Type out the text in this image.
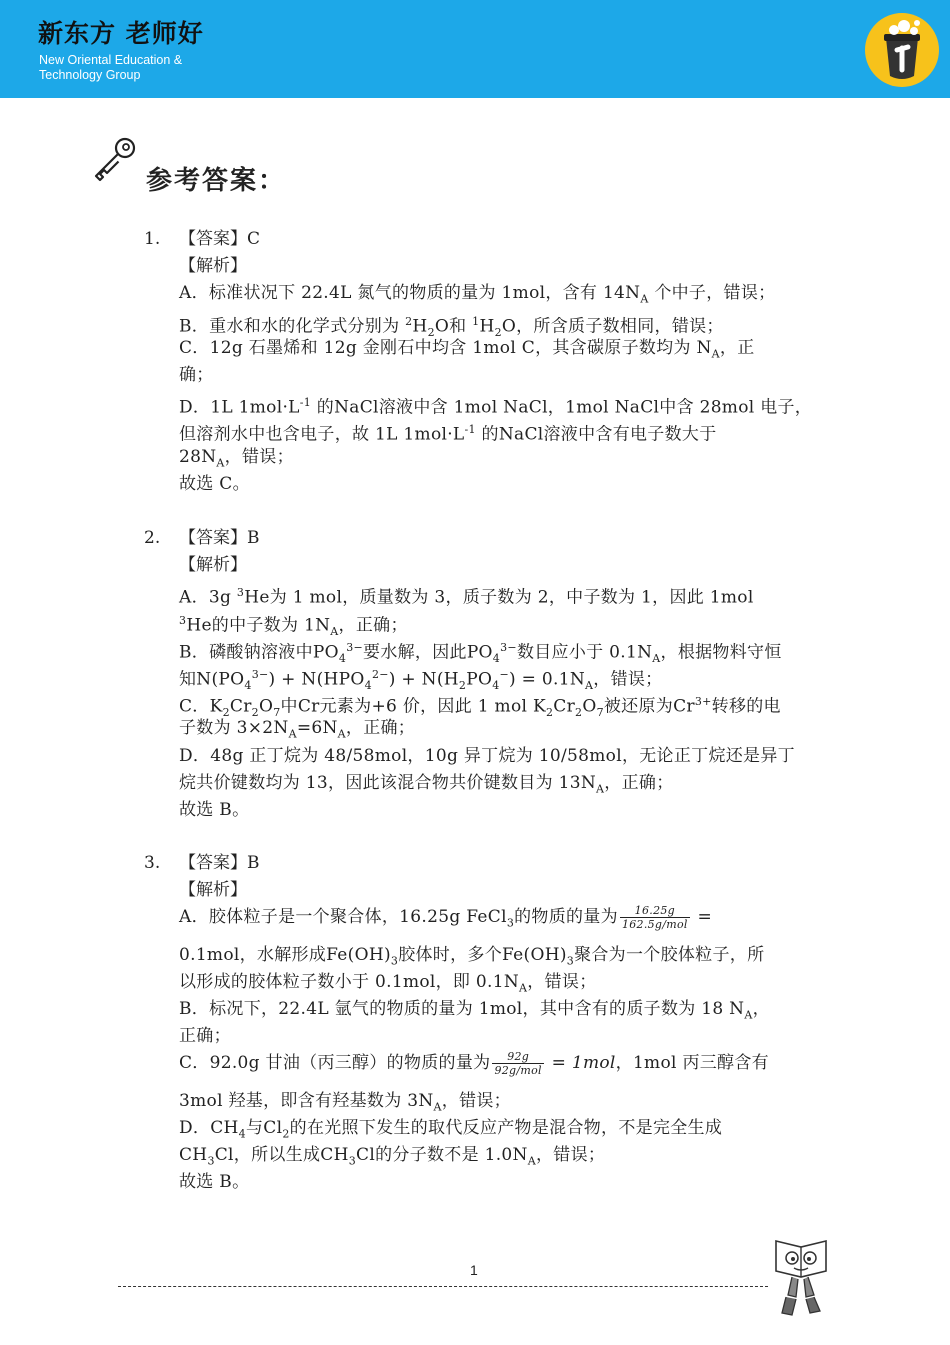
新东方 老师好
New Oriental Education &
Technology Group
参考答案：
1. 【答案】C
【解析】
A．标准状况下 22.4L 氮气的物质的量为 1mol，含有 $14N_A$ 个中子，错误；
B．重水和水的化学式分别为 $^2H_2O$和 $^1H_2O$，所含质子数相同，错误；
C．12g 石墨烯和 12g 金刚石中均含 1mol C，其含碳原子数均为 $N_A$，正
确；
D．1L $1mol\cdot L^{-1}$ 的NaCl溶液中含 1mol NaCl，1mol NaCl中含 28mol 电子，
但溶剂水中也含电子，故 1L $1mol\cdot L^{-1}$ 的NaCl溶液中含有电子数大于
$28N_A$，错误；
故选 C。
2. 【答案】B
【解析】
A．3g $^3$He为 1 mol，质量数为 3，质子数为 2，中子数为 1，因此 1mol
$^3$He的中子数为 $1N_A$，正确；
B．磷酸钠溶液中$PO_4^{3-}$要水解，因此$PO_4^{3-}$数目应小于 $0.1N_A$，根据物料守恒
知$N(PO_4^{3-}) + N(HPO_4^{2-}) + N(H_2PO_4^-) = 0.1N_A$，错误；
C．$K_2Cr_2O_7$中Cr元素为+6 价，因此 1 mol $K_2Cr_2O_7$被还原为$Cr^{3+}$转移的电
子数为 $3\times 2N_A=6N_A$，正确；
D．48g 正丁烷为 48/58mol，10g 异丁烷为 10/58mol，无论正丁烷还是异丁
烷共价键数均为 13，因此该混合物共价键数目为 $13N_A$，正确；
故选 B。
3. 【答案】B
【解析】
A．胶体粒子是一个聚合体，16.25g FeCl$_3$的物质的量为 $\frac{16.25g}{\text{162.5g/mol}}$ =
0.1mol，水解形成$Fe(OH)_3$胶体时，多个$Fe(OH)_3$聚合为一个胶体粒子，所
以形成的胶体粒子数小于 0.1mol，即 $0.1N_A$，错误；
B．标况下，22.4L 氩气的物质的量为 1mol，其中含有的质子数为 18 $N_A$，
正确；
C．92.0g 甘油（丙三醇）的物质的量为 $\frac{92g}{\text{92g/mol}} = 1mol$，1mol 丙三醇含有
3mol 羟基，即含有羟基数为 $3N_A$，错误；
D．$CH_4$与$Cl_2$的在光照下发生的取代反应产物是混合物，不是完全生成
$CH_3Cl$，所以生成$CH_3Cl$的分子数不是 $1.0N_A$，错误；
故选 B。
1
